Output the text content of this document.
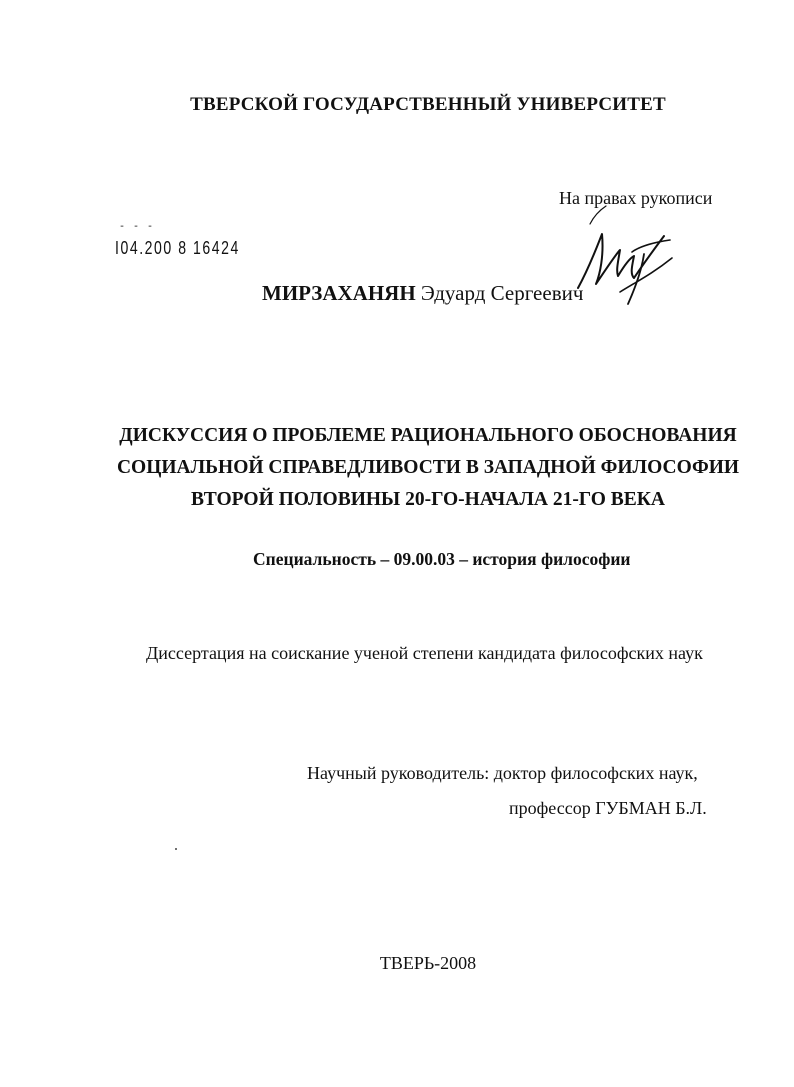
ТВЕРСКОЙ ГОСУДАРСТВЕННЫЙ УНИВЕРСИТЕТ
На правах рукописи
- - -
I04.200 8 16424
МИРЗАХАНЯН Эдуард Сергеевич
ДИСКУССИЯ О ПРОБЛЕМЕ РАЦИОНАЛЬНОГО ОБОСНОВАНИЯ
СОЦИАЛЬНОЙ СПРАВЕДЛИВОСТИ В ЗАПАДНОЙ ФИЛОСОФИИ
ВТОРОЙ ПОЛОВИНЫ 20-ГО-НАЧАЛА 21-ГО ВЕКА
Специальность – 09.00.03 – история философии
Диссертация на соискание ученой степени кандидата философских наук
Научный руководитель: доктор философских наук,
профессор ГУБМАН Б.Л.
ТВЕРЬ-2008
